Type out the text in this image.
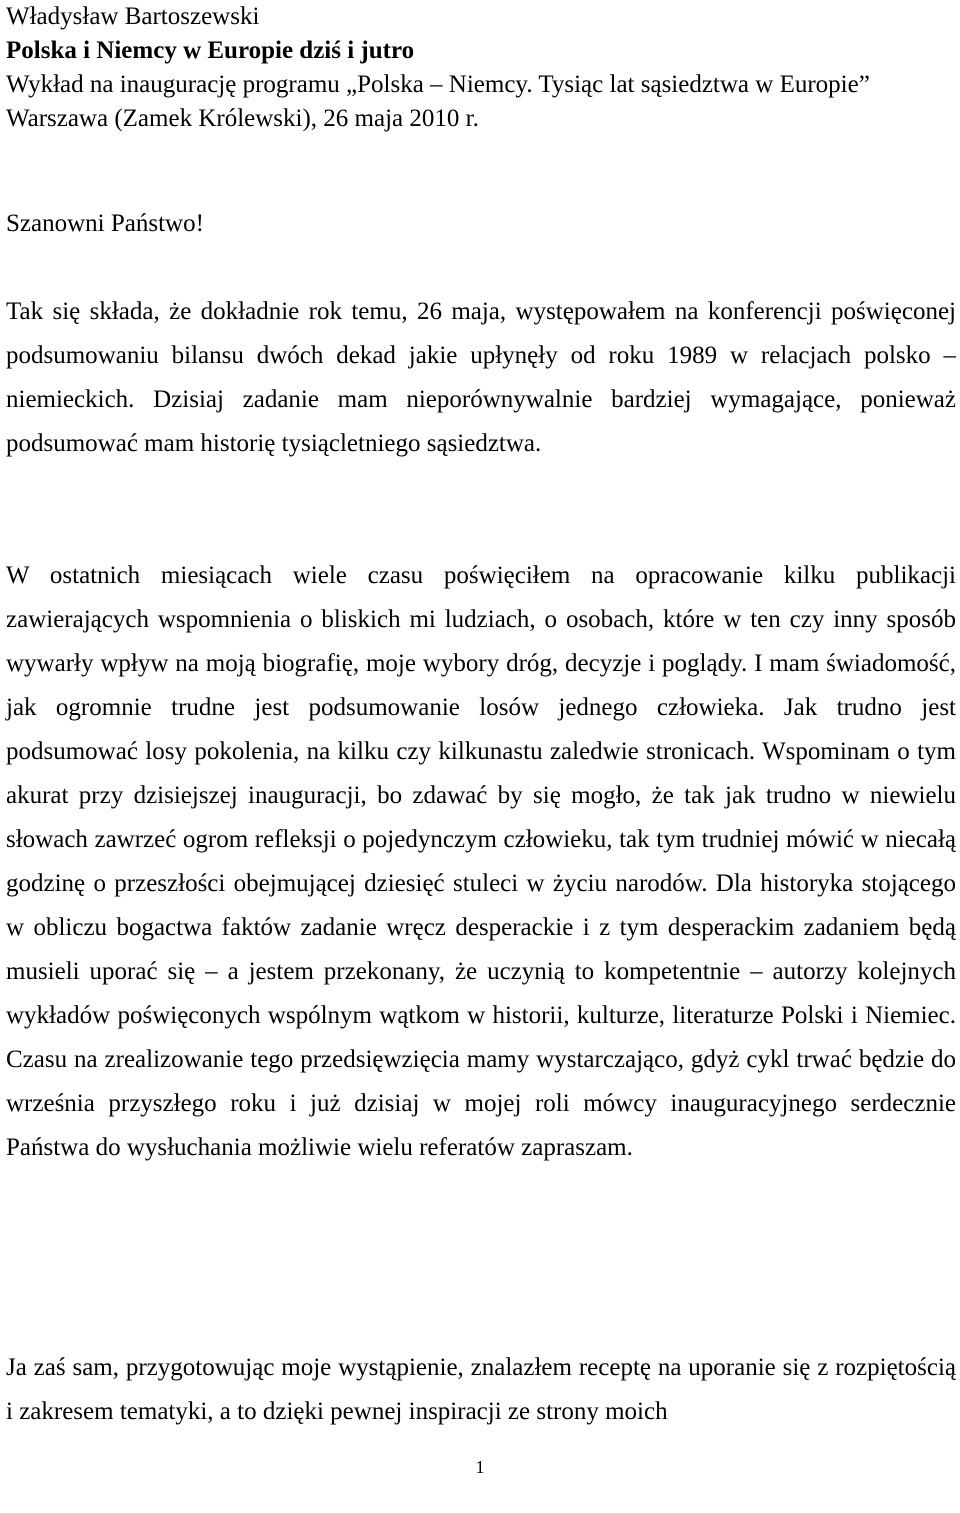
Władysław Bartoszewski
Polska i Niemcy w Europie dziś i jutro
Wykład na inaugurację programu „Polska – Niemcy. Tysiąc lat sąsiedztwa w Europie”
Warszawa (Zamek Królewski), 26 maja 2010 r.
Szanowni Państwo!

Tak się składa, że dokładnie rok temu, 26 maja, występowałem na konferencji poświęconej podsumowaniu bilansu dwóch dekad jakie upłynęły od roku 1989 w relacjach polsko – niemieckich. Dzisiaj zadanie mam nieporównywalnie bardziej wymagające, ponieważ podsumować mam historię tysiącletniego sąsiedztwa.

W ostatnich miesiącach wiele czasu poświęciłem na opracowanie kilku publikacji zawierających wspomnienia o bliskich mi ludziach, o osobach, które w ten czy inny sposób wywarły wpływ na moją biografię, moje wybory dróg, decyzje i poglądy. I mam świadomość, jak ogromnie trudne jest podsumowanie losów jednego człowieka. Jak trudno jest podsumować losy pokolenia, na kilku czy kilkunastu zaledwie stronicach. Wspominam o tym akurat przy dzisiejszej inauguracji, bo zdawać by się mogło, że tak jak trudno w niewielu słowach zawrzeć ogrom refleksji o pojedynczym człowieku, tak tym trudniej mówić w niecałą godzinę o przeszłości obejmującej dziesięć stuleci w życiu narodów. Dla historyka stojącego w obliczu bogactwa faktów zadanie wręcz desperackie i z tym desperackim zadaniem będą musieli uporać się – a jestem przekonany, że uczynią to kompetentnie – autorzy kolejnych wykładów poświęconych wspólnym wątkom w historii, kulturze, literaturze Polski i Niemiec. Czasu na zrealizowanie tego przedsięwzięcia mamy wystarczająco, gdyż cykl trwać będzie do września przyszłego roku i już dzisiaj w mojej roli mówcy inauguracyjnego serdecznie Państwa do wysłuchania możliwie wielu referatów zapraszam.

Ja zaś sam, przygotowując moje wystąpienie, znalazłem receptę na uporanie się z rozpiętością i zakresem tematyki, a to dzięki pewnej inspiracji ze strony moich

1
